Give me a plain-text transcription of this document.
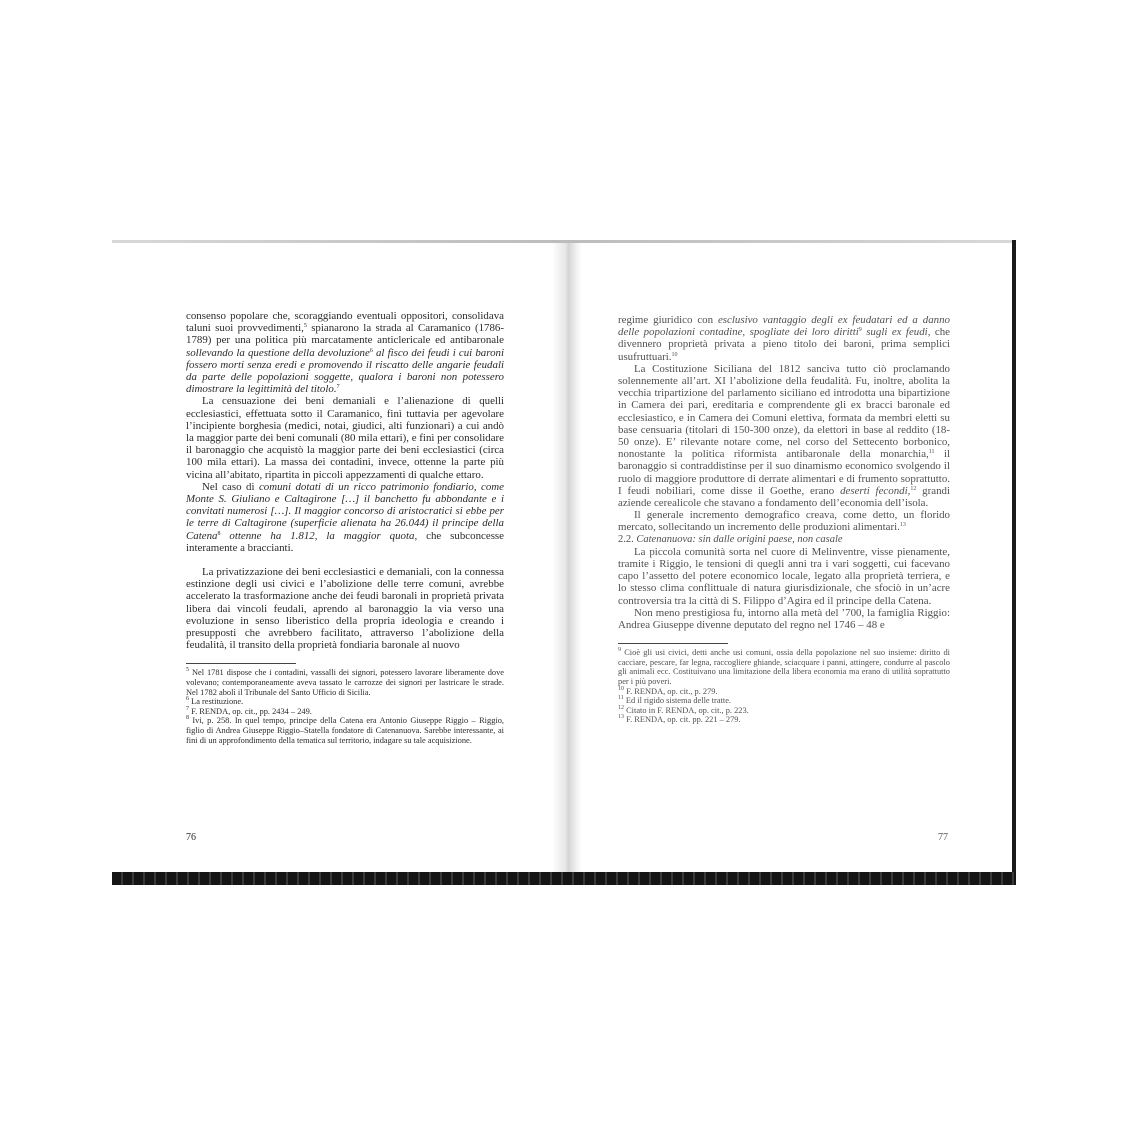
consenso popolare che, scoraggiando eventuali oppositori, consolidava taluni suoi provvedimenti,$^5$ spianarono la strada al Caramanico (1786-1789) per una politica più marcatamente anticlericale ed antibaronale sollevando la questione della devoluzione$^6$ al fisco dei feudi i cui baroni fossero morti senza eredi e promovendo il riscatto delle angarie feudali da parte delle popolazioni soggette, qualora i baroni non potessero dimostrare la legittimità del titolo.$^7$

La censuazione dei beni demaniali e l’alienazione di quelli ecclesiastici, effettuata sotto il Caramanico, finì tuttavia per agevolare l’incipiente borghesia (medici, notai, giudici, alti funzionari) a cui andò la maggior parte dei beni comunali (80 mila ettari), e finì per consolidare il baronaggio che acquistò la maggior parte dei beni ecclesiastici (circa 100 mila ettari). La massa dei contadini, invece, ottenne la parte più vicina all’abitato, ripartita in piccoli appezzamenti di qualche ettaro.

Nel caso di comuni dotati di un ricco patrimonio fondiario, come Monte S. Giuliano e Caltagirone […] il banchetto fu abbondante e i convitati numerosi […]. Il maggior concorso di aristocratici si ebbe per le terre di Caltagirone (superficie alienata ha 26.044) il principe della Catena$^8$ ottenne ha 1.812, la maggior quota, che subconcesse interamente a braccianti.

La privatizzazione dei beni ecclesiastici e demaniali, con la connessa estinzione degli usi civici e l’abolizione delle terre comuni, avrebbe accelerato la trasformazione anche dei feudi baronali in proprietà privata libera dai vincoli feudali, aprendo al baronaggio la via verso una evoluzione in senso liberistico della propria ideologia e creando i presupposti che avrebbero facilitato, attraverso l’abolizione della feudalità, il transito della proprietà fondiaria baronale al nuovo

$^5$ Nel 1781 dispose che i contadini, vassalli dei signori, potessero lavorare liberamente dove volevano; contemporaneamente aveva tassato le carrozze dei signori per lastricare le strade. Nel 1782 abolì il Tribunale del Santo Ufficio di Sicilia.

$^6$ La restituzione.

$^7$ F. RENDA, op. cit., pp. 2434 – 249.

$^8$ Ivi, p. 258. In quel tempo, principe della Catena era Antonio Giuseppe Riggio – Riggio, figlio di Andrea Giuseppe Riggio–Statella fondatore di Catenanuova. Sarebbe interessante, ai fini di un approfondimento della tematica sul territorio, indagare su tale acquisizione.

76

regime giuridico con esclusivo vantaggio degli ex feudatari ed a danno delle popolazioni contadine, spogliate dei loro diritti$^9$ sugli ex feudi, che divennero proprietà privata a pieno titolo dei baroni, prima semplici usufruttuari.$^{10}$

La Costituzione Siciliana del 1812 sanciva tutto ciò proclamando solennemente all’art. XI l’abolizione della feudalità. Fu, inoltre, abolita la vecchia tripartizione del parlamento siciliano ed introdotta una bipartizione in Camera dei pari, ereditaria e comprendente gli ex bracci baronale ed ecclesiastico, e in Camera dei Comuni elettiva, formata da membri eletti su base censuaria (titolari di 150-300 onze), da elettori in base al reddito (18-50 onze). E’ rilevante notare come, nel corso del Settecento borbonico, nonostante la politica riformista antibaronale della monarchia,$^{11}$ il baronaggio si contraddistinse per il suo dinamismo economico svolgendo il ruolo di maggiore produttore di derrate alimentari e di frumento soprattutto. I feudi nobiliari, come disse il Goethe, erano deserti fecondi,$^{12}$ grandi aziende cerealicole che stavano a fondamento dell’economia dell’isola.

Il generale incremento demografico creava, come detto, un florido mercato, sollecitando un incremento delle produzioni alimentari.$^{13}$

2.2. Catenanuova: sin dalle origini paese, non casale

La piccola comunità sorta nel cuore di Melinventre, visse pienamente, tramite i Riggio, le tensioni di quegli anni tra i vari soggetti, cui facevano capo l’assetto del potere economico locale, legato alla proprietà terriera, e lo stesso clima conflittuale di natura giurisdizionale, che sfociò in un’acre controversia tra la città di S. Filippo d’Agira ed il principe della Catena.

Non meno prestigiosa fu, intorno alla metà del ’700, la famiglia Riggio: Andrea Giuseppe divenne deputato del regno nel 1746 – 48 e

$^9$ Cioè gli usi civici, detti anche usi comuni, ossia della popolazione nel suo insieme: diritto di cacciare, pescare, far legna, raccogliere ghiande, sciacquare i panni, attingere, condurre al pascolo gli animali ecc. Costituivano una limitazione della libera economia ma erano di utilità soprattutto per i più poveri.

$^{10}$ F. RENDA, op. cit., p. 279.

$^{11}$ Ed il rigido sistema delle tratte.

$^{12}$ Citato in F. RENDA, op. cit., p. 223.

$^{13}$ F. RENDA, op. cit. pp. 221 – 279.

77
